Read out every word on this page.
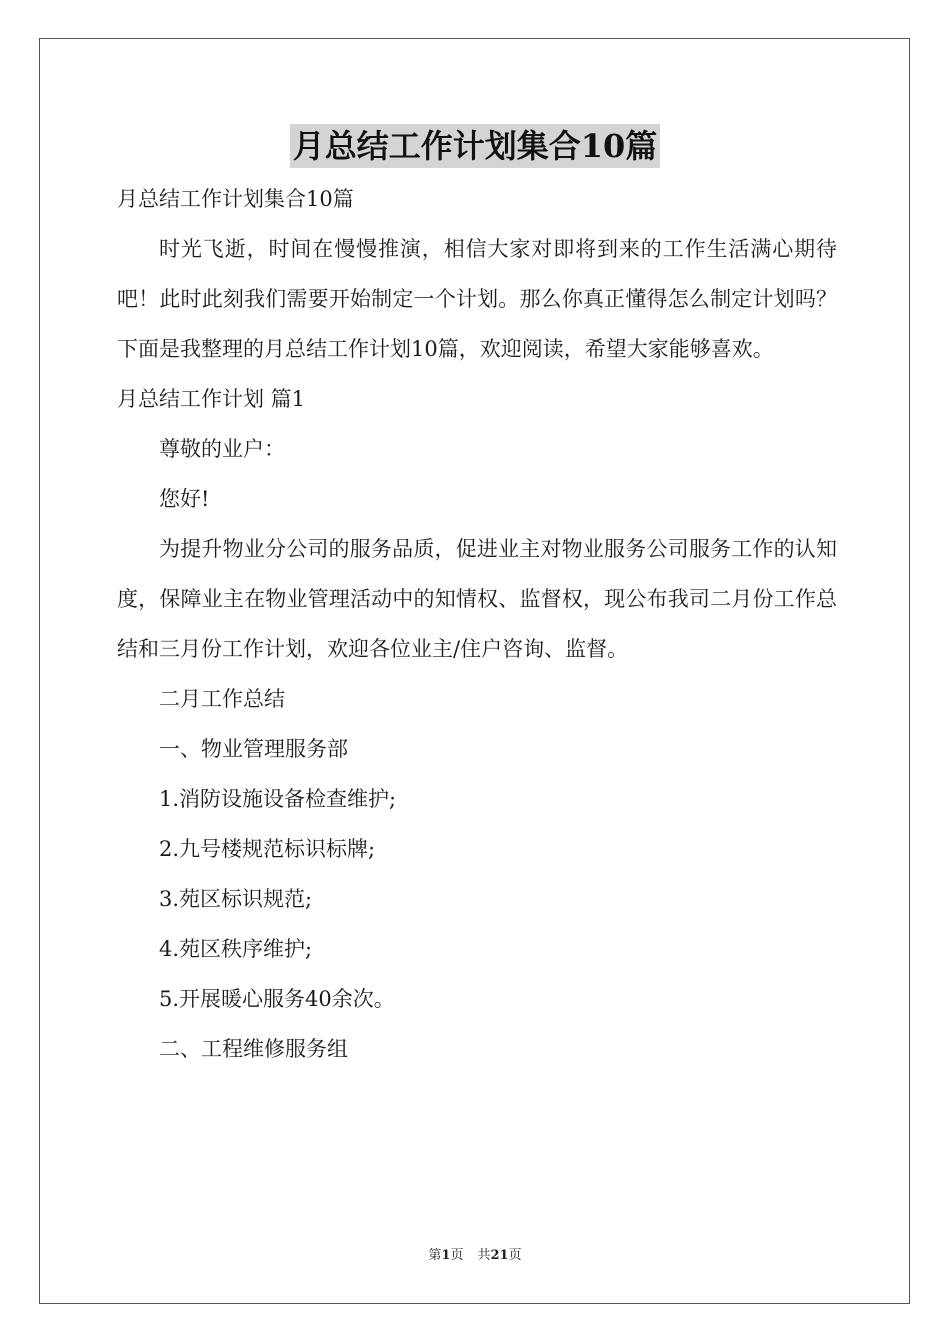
月总结工作计划集合10篇

月总结工作计划集合10篇

时光飞逝，时间在慢慢推演，相信大家对即将到来的工作生活满心期待吧！此时此刻我们需要开始制定一个计划。那么你真正懂得怎么制定计划吗？下面是我整理的月总结工作计划10篇，欢迎阅读，希望大家能够喜欢。

月总结工作计划 篇1

尊敬的业户：

您好!

为提升物业分公司的服务品质，促进业主对物业服务公司服务工作的认知度，保障业主在物业管理活动中的知情权、监督权，现公布我司二月份工作总结和三月份工作计划，欢迎各位业主/住户咨询、监督。

二月工作总结

一、物业管理服务部

1.消防设施设备检查维护;

2.九号楼规范标识标牌;

3.苑区标识规范;

4.苑区秩序维护;

5.开展暖心服务40余次。

二、工程维修服务组

第1页 共21页
